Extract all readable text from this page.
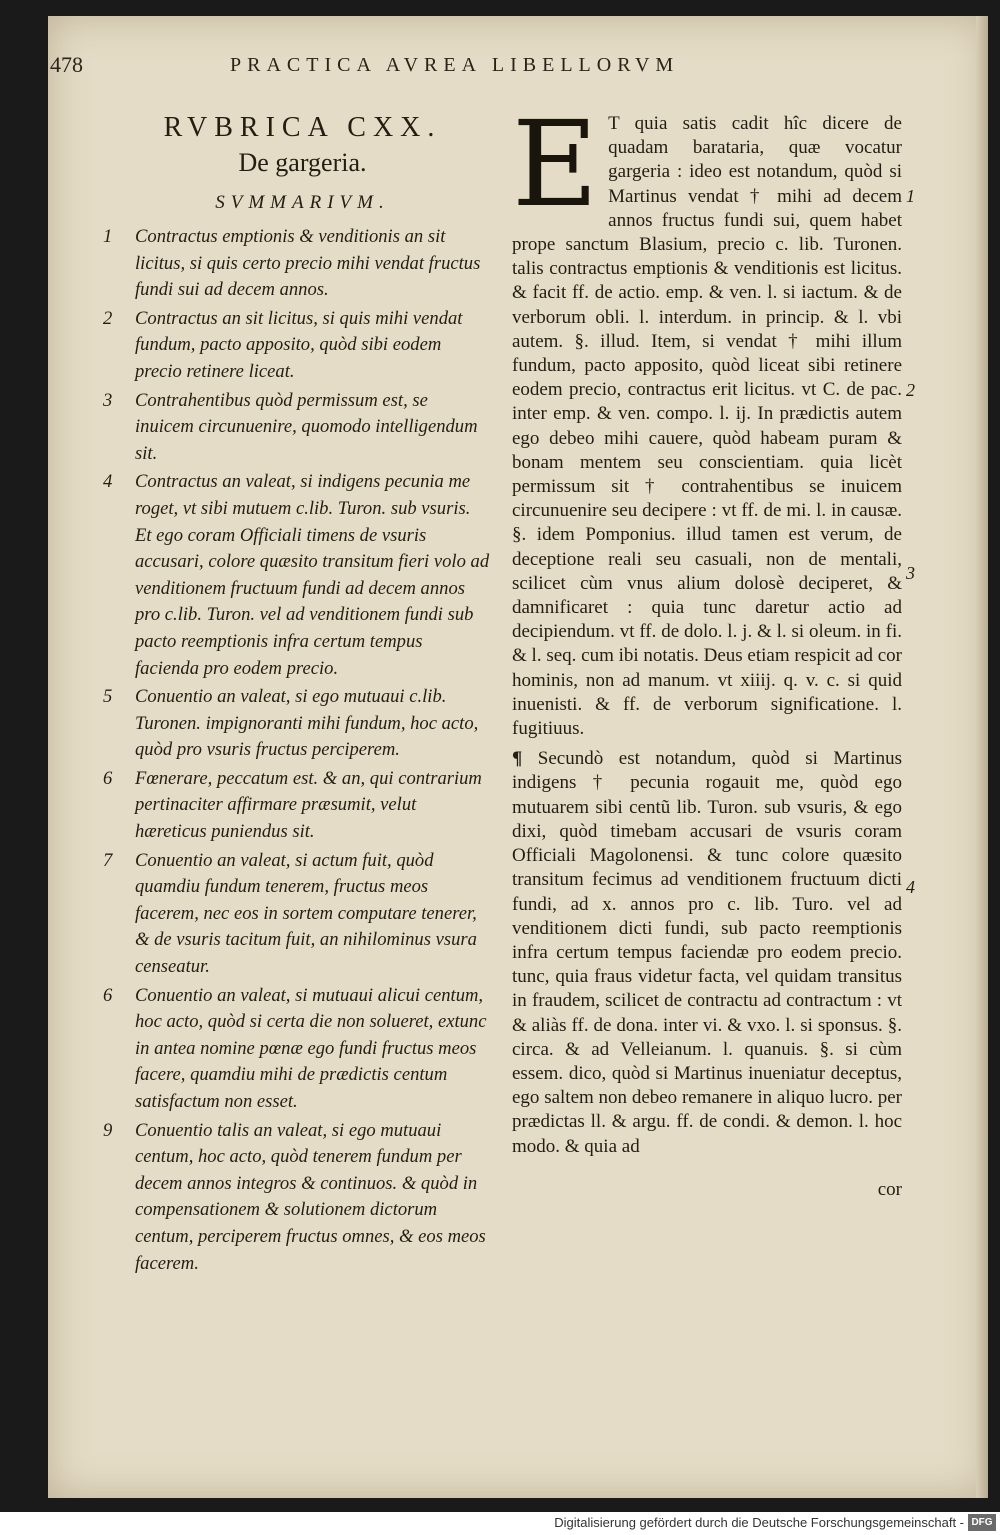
478	PRACTICA AVREA LIBELLORVM
RVBRICA CXX.
De gargeria.
SVMMARIVM.
1 Contractus emptionis & venditionis an sit licitus, si quis certo precio mihi vendat fructus fundi sui ad decem annos.
2 Contractus an sit licitus, si quis mihi vendat fundum, pacto apposito, quòd sibi eodem precio retinere liceat.
3 Contrahentibus quòd permissum est, se inuicem circunuenire, quomodo intelligendum sit.
4 Contractus an valeat, si indigens pecunia me roget, vt sibi mutuem c.lib. Turon. sub vsuris. Et ego coram Officiali timens de vsuris accusari, colore quæsito transitum fieri volo ad venditionem fructuum fundi ad decem annos pro c.lib. Turon. vel ad venditionem fundi sub pacto reemptionis infra certum tempus facienda pro eodem precio.
5 Conuentio an valeat, si ego mutuaui c.lib. Turonen. impignoranti mihi fundum, hoc acto, quòd pro vsuris fructus perciperem.
6 Fœnerare, peccatum est. & an, qui contrarium pertinaciter affirmare præsumit, velut hæreticus puniendus sit.
7 Conuentio an valeat, si actum fuit, quòd quamdiu fundum tenerem, fructus meos facerem, nec eos in sortem computare tenerer, & de vsuris tacitum fuit, an nihilominus vsura censeatur.
6 Conuentio an valeat, si mutuaui alicui centum, hoc acto, quòd si certa die non solueret, extunc in antea nomine pœnæ ego fundi fructus meos facere, quamdiu mihi de prædictis centum satisfactum non esset.
9 Conuentio talis an valeat, si ego mutuaui centum, hoc acto, quòd tenerem fundum per decem annos integros & continuos. & quòd in compensationem & solutionem dictorum centum, perciperem fructus omnes, & eos meos facerem.
E T quia satis cadit hîc dicere de quadam barataria, quæ vocatur gargeria : ideo est notandum, quòd si Martinus vendat † mihi ad decem annos fructus fundi sui, quem habet prope sanctum Blasium, precio c. lib. Turonen. talis contractus emptionis & venditionis est licitus. & facit ff. de actio. emp. & ven. l. si iactum. & de verborum obli. l. interdum. in princip. & l. vbi autem. §. illud. Item, si vendat † mihi illum fundum, pacto apposito, quòd liceat sibi retinere eodem precio, contractus erit licitus. vt C. de pac. inter emp. & ven. compo. l. ij. In prædictis autem ego debeo mihi cauere, quòd habeam puram & bonam mentem seu conscientiam. quia licèt permissum sit † contrahentibus se inuicem circunuenire seu decipere : vt ff. de mi. l. in causæ. §. idem Pomponius. illud tamen est verum, de deceptione reali seu casuali, non de mentali, scilicet cùm vnus alium dolosè deciperet, & damnificaret : quia tunc daretur actio ad decipiendum. vt ff. de dolo. l. j. & l. si oleum. in fi. & l. seq. cum ibi notatis. Deus etiam respicit ad cor hominis, non ad manum. vt xiiij. q. v. c. si quid inuenisti. & ff. de verborum significatione. l. fugitiuus.

¶ Secundò est notandum, quòd si Martinus indigens † pecunia rogauit me, quòd ego mutuarem sibi centũ lib. Turon. sub vsuris, & ego dixi, quòd timebam accusari de vsuris coram Officiali Magolonensi. & tunc colore quæsito transitum fecimus ad venditionem fructuum dicti fundi, ad x. annos pro c. lib. Turo. vel ad venditionem dicti fundi, sub pacto reemptionis infra certum tempus faciendæ pro eodem precio. tunc, quia fraus videtur facta, vel quidam transitus in fraudem, scilicet de contractu ad contractum : vt & aliàs ff. de dona. inter vi. & vxo. l. si sponsus. §. circa. & ad Velleianum. l. quanuis. §. si cùm essem. dico, quòd si Martinus inueniatur deceptus, ego saltem non debeo remanere in aliquo lucro. per prædictas ll. & argu. ff. de condi. & demon. l. hoc modo. & quia ad

cor
1
2
3
4
Digitalisierung gefördert durch die Deutsche Forschungsgemeinschaft - DFG
